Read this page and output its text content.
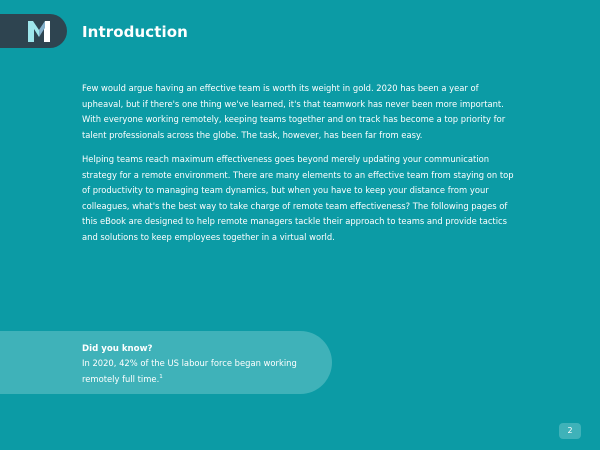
Introduction

Few would argue having an effective team is worth its weight in gold. 2020 has been a year of upheaval, but if there's one thing we've learned, it's that teamwork has never been more important. With everyone working remotely, keeping teams together and on track has become a top priority for talent professionals across the globe. The task, however, has been far from easy.

Helping teams reach maximum effectiveness goes beyond merely updating your communication strategy for a remote environment. There are many elements to an effective team from staying on top of productivity to managing team dynamics, but when you have to keep your distance from your colleagues, what's the best way to take charge of remote team effectiveness? The following pages of this eBook are designed to help remote managers tackle their approach to teams and provide tactics and solutions to keep employees together in a virtual world.

Did you know?
In 2020, 42% of the US labour force began working remotely full time.$^1$
2
